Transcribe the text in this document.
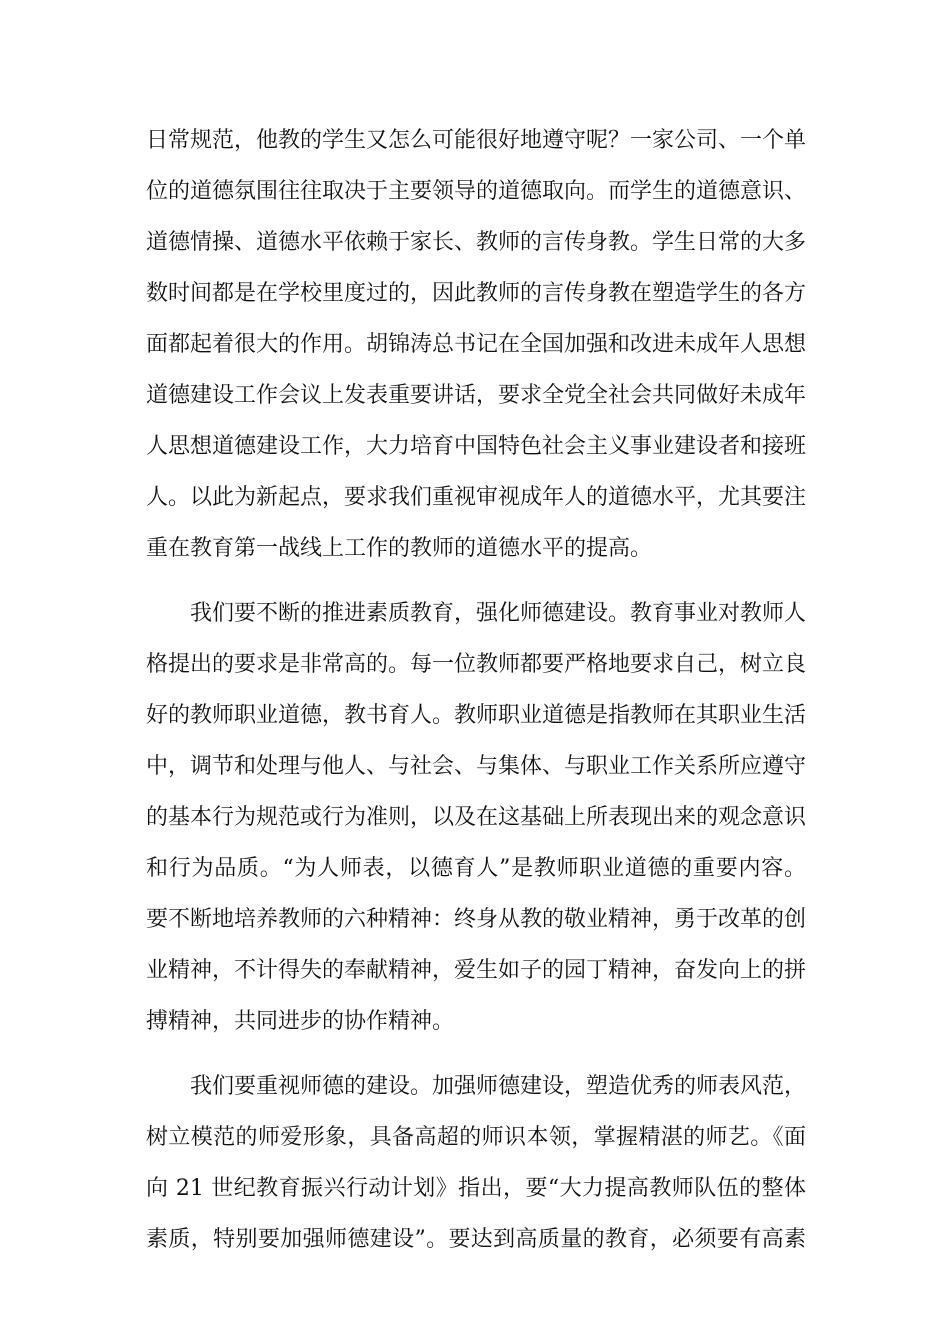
日常规范，他教的学生又怎么可能很好地遵守呢？一家公司、一个单
位的道德氛围往往取决于主要领导的道德取向。而学生的道德意识、
道德情操、道德水平依赖于家长、教师的言传身教。学生日常的大多
数时间都是在学校里度过的，因此教师的言传身教在塑造学生的各方
面都起着很大的作用。胡锦涛总书记在全国加强和改进未成年人思想
道德建设工作会议上发表重要讲话，要求全党全社会共同做好未成年
人思想道德建设工作，大力培育中国特色社会主义事业建设者和接班
人。以此为新起点，要求我们重视审视成年人的道德水平，尤其要注
重在教育第一战线上工作的教师的道德水平的提高。
　　我们要不断的推进素质教育，强化师德建设。教育事业对教师人
格提出的要求是非常高的。每一位教师都要严格地要求自己，树立良
好的教师职业道德，教书育人。教师职业道德是指教师在其职业生活
中，调节和处理与他人、与社会、与集体、与职业工作关系所应遵守
的基本行为规范或行为准则，以及在这基础上所表现出来的观念意识
和行为品质。“为人师表，以德育人”是教师职业道德的重要内容。
要不断地培养教师的六种精神：终身从教的敬业精神，勇于改革的创
业精神，不计得失的奉献精神，爱生如子的园丁精神，奋发向上的拼
搏精神，共同进步的协作精神。
　　我们要重视师德的建设。加强师德建设，塑造优秀的师表风范，
树立模范的师爱形象，具备高超的师识本领，掌握精湛的师艺。《面
向 21 世纪教育振兴行动计划》指出，要“大力提高教师队伍的整体
素质，特别要加强师德建设”。要达到高质量的教育，必须要有高素
